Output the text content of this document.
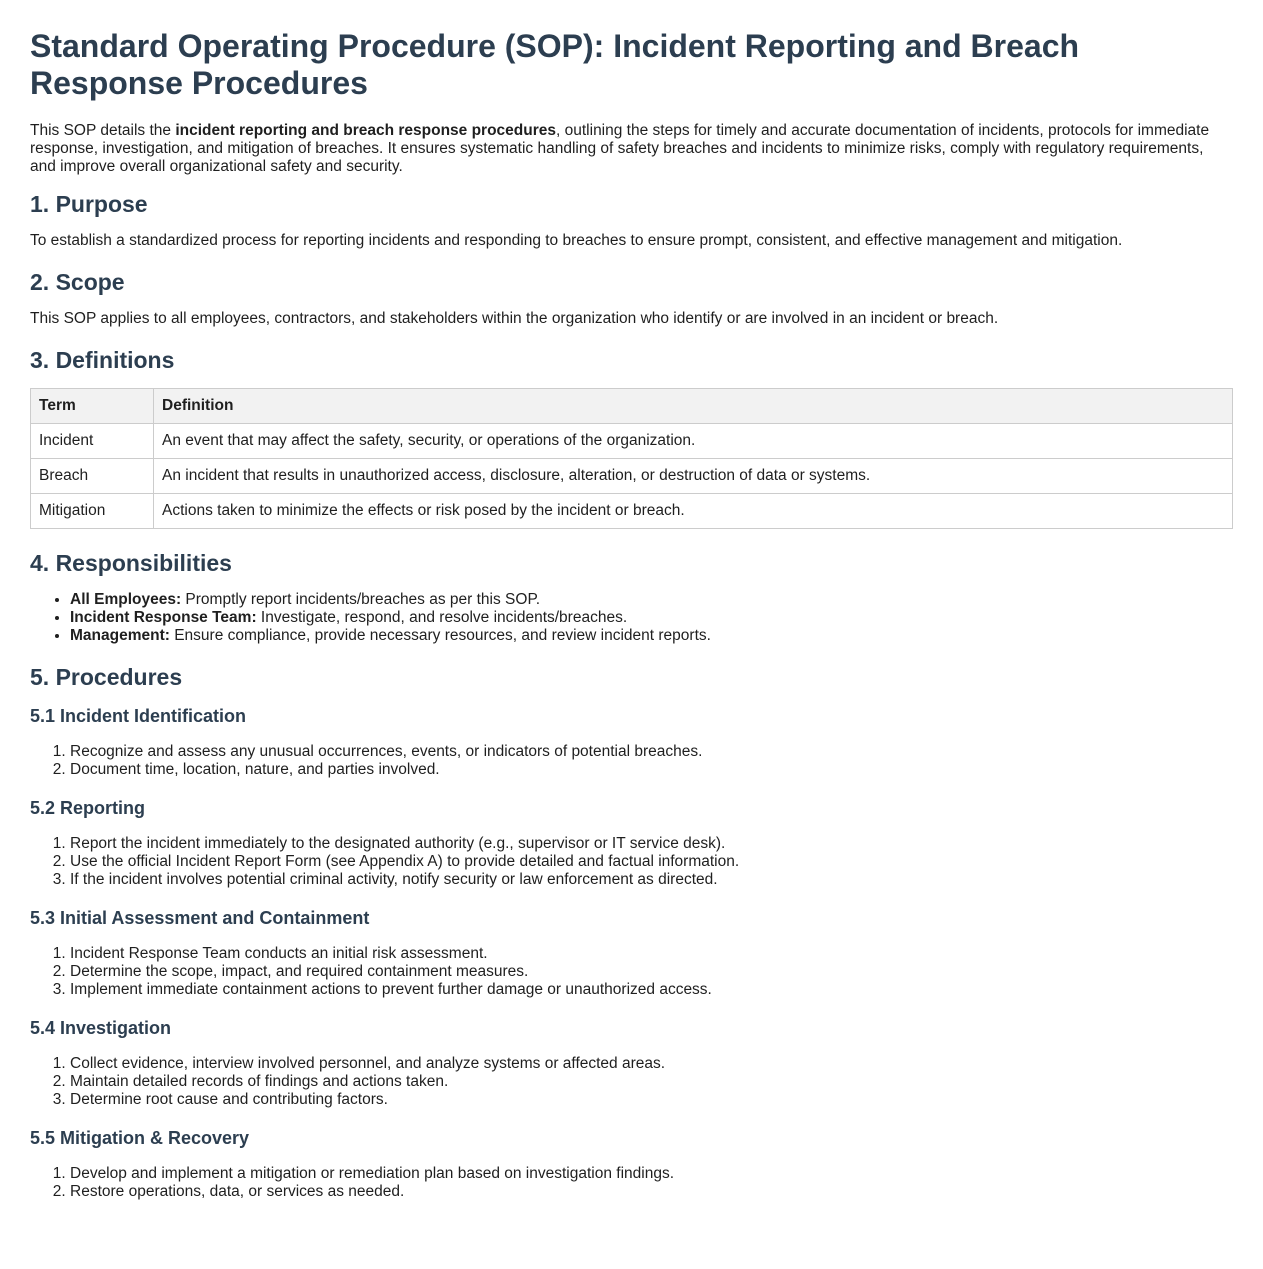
Standard Operating Procedure (SOP): Incident Reporting and Breach Response Procedures

This SOP details the incident reporting and breach response procedures, outlining the steps for timely and accurate documentation of incidents, protocols for immediate response, investigation, and mitigation of breaches. It ensures systematic handling of safety breaches and incidents to minimize risks, comply with regulatory requirements, and improve overall organizational safety and security.

1. Purpose

To establish a standardized process for reporting incidents and responding to breaches to ensure prompt, consistent, and effective management and mitigation.

2. Scope

This SOP applies to all employees, contractors, and stakeholders within the organization who identify or are involved in an incident or breach.

3. Definitions
Term	Definition
Incident	An event that may affect the safety, security, or operations of the organization.
Breach	An incident that results in unauthorized access, disclosure, alteration, or destruction of data or systems.
Mitigation	Actions taken to minimize the effects or risk posed by the incident or breach.
4. Responsibilities
• All Employees: Promptly report incidents/breaches as per this SOP.
• Incident Response Team: Investigate, respond, and resolve incidents/breaches.
• Management: Ensure compliance, provide necessary resources, and review incident reports.
5. Procedures
5.1 Incident Identification
1. Recognize and assess any unusual occurrences, events, or indicators of potential breaches.
2. Document time, location, nature, and parties involved.
5.2 Reporting
1. Report the incident immediately to the designated authority (e.g., supervisor or IT service desk).
2. Use the official Incident Report Form (see Appendix A) to provide detailed and factual information.
3. If the incident involves potential criminal activity, notify security or law enforcement as directed.
5.3 Initial Assessment and Containment
1. Incident Response Team conducts an initial risk assessment.
2. Determine the scope, impact, and required containment measures.
3. Implement immediate containment actions to prevent further damage or unauthorized access.
5.4 Investigation
1. Collect evidence, interview involved personnel, and analyze systems or affected areas.
2. Maintain detailed records of findings and actions taken.
3. Determine root cause and contributing factors.
5.5 Mitigation & Recovery
1. Develop and implement a mitigation or remediation plan based on investigation findings.
2. Restore operations, data, or services as needed.
